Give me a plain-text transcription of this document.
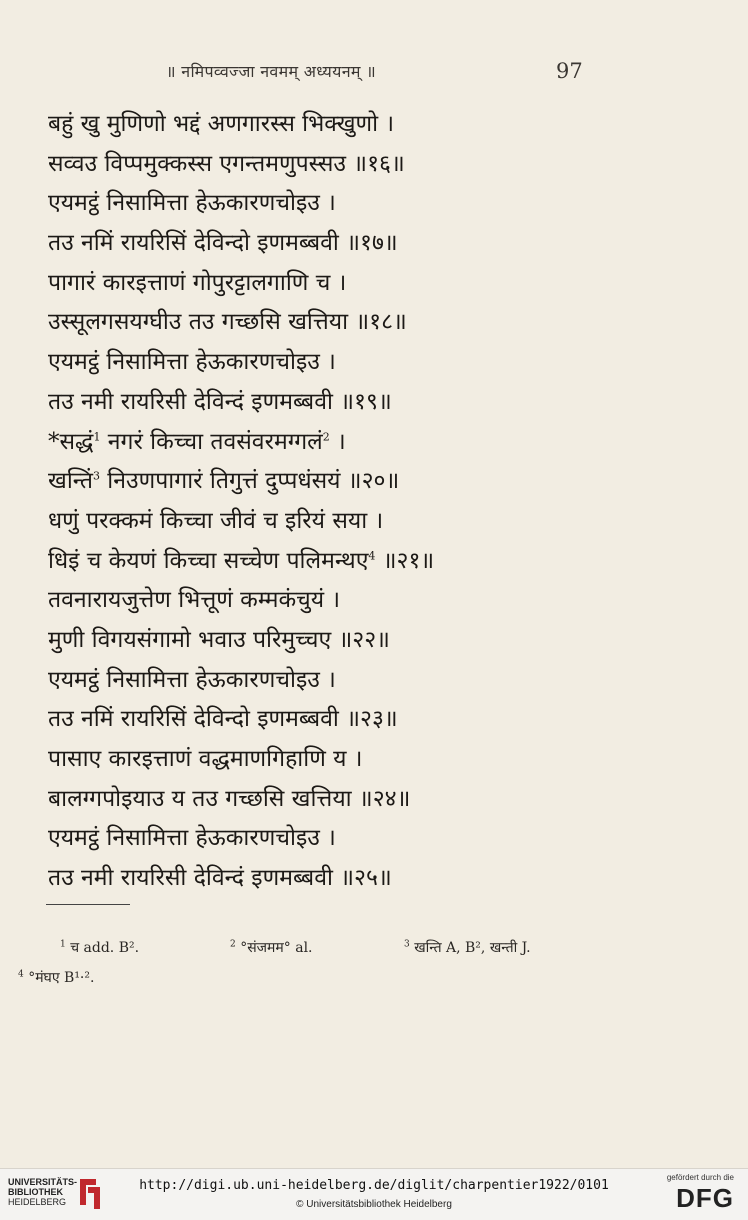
॥ नमिपव्वज्जा नवमम् अध्ययनम् ॥	97
बहुं खु मुणिणो भद्दं अणगारस्स भिक्खुणो ।
सव्वउ विप्पमुक्कस्स एगन्तमणुपस्सउ ॥१६॥
एयमट्ठं निसामित्ता हेऊकारणचोइउ ।
तउ नमिं रायरिसिं देविन्दो इणमब्बवी ॥१७॥
पागारं कारइत्ताणं गोपुरट्टालगाणि च ।
उस्सूलगसयग्घीउ तउ गच्छसि खत्तिया ॥१८॥
एयमट्ठं निसामित्ता हेऊकारणचोइउ ।
तउ नमी रायरिसी देविन्दं इणमब्बवी ॥१९॥
*सद्धं$^1$ नगरं किच्चा तवसंवरमग्गलं$^2$ ।
खन्तिं$^3$ निउणपागारं तिगुत्तं दुप्पधंसयं ॥२०॥
धणुं परक्कमं किच्चा जीवं च इरियं सया ।
धिइं च केयणं किच्चा सच्चेण पलिमन्थए$^4$ ॥२१॥
तवनारायजुत्तेण भित्तूणं कम्मकंचुयं ।
मुणी विगयसंगामो भवाउ परिमुच्चए ॥२२॥
एयमट्ठं निसामित्ता हेऊकारणचोइउ ।
तउ नमिं रायरिसिं देविन्दो इणमब्बवी ॥२३॥
पासाए कारइत्ताणं वद्धमाणगिहाणि य ।
बालग्गपोइयाउ य तउ गच्छसि खत्तिया ॥२४॥
एयमट्ठं निसामित्ता हेऊकारणचोइउ ।
तउ नमी रायरिसी देविन्दं इणमब्बवी ॥२५॥
$^1$ च add. B².	$^2$ °संजमम° al.	$^3$ खन्ति A, B², खन्ती J.
$^4$ °मंघए B¹·².
UNIVERSITÄTS-
BIBLIOTHEK
HEIDELBERG
http://digi.ub.uni-heidelberg.de/diglit/charpentier1922/0101
© Universitätsbibliothek Heidelberg
gefördert durch die
DFG
